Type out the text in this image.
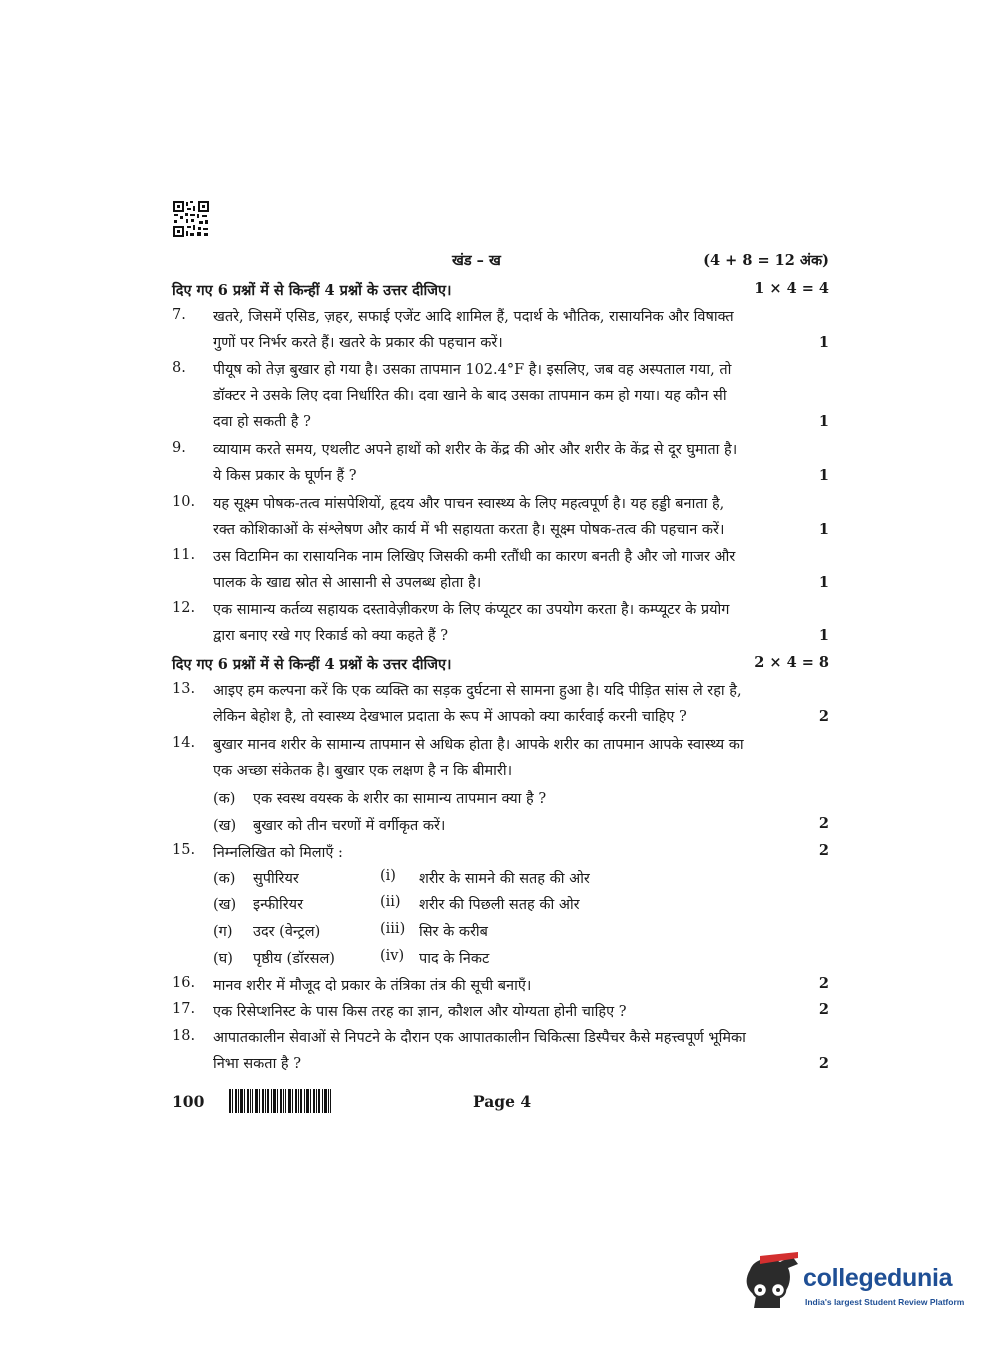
खंड – ख	(4 + 8 = 12 अंक)
दिए गए 6 प्रश्नों में से किन्हीं 4 प्रश्नों के उत्तर दीजिए।	1 × 4 = 4
7.	खतरे, जिसमें एसिड, ज़हर, सफाई एजेंट आदि शामिल हैं, पदार्थ के भौतिक, रासायनिक और विषाक्त
गुणों पर निर्भर करते हैं। खतरे के प्रकार की पहचान करें।	1
8.	पीयूष को तेज़ बुखार हो गया है। उसका तापमान 102.4°F है। इसलिए, जब वह अस्पताल गया, तो
डॉक्टर ने उसके लिए दवा निर्धारित की। दवा खाने के बाद उसका तापमान कम हो गया। यह कौन सी
दवा हो सकती है ?	1
9.	व्यायाम करते समय, एथलीट अपने हाथों को शरीर के केंद्र की ओर और शरीर के केंद्र से दूर घुमाता है।
ये किस प्रकार के घूर्णन हैं ?	1
10.	यह सूक्ष्म पोषक-तत्व मांसपेशियों, हृदय और पाचन स्वास्थ्य के लिए महत्वपूर्ण है। यह हड्डी बनाता है,
रक्त कोशिकाओं के संश्लेषण और कार्य में भी सहायता करता है। सूक्ष्म पोषक-तत्व की पहचान करें।	1
11.	उस विटामिन का रासायनिक नाम लिखिए जिसकी कमी रतौंधी का कारण बनती है और जो गाजर और
पालक के खाद्य स्रोत से आसानी से उपलब्ध होता है।	1
12.	एक सामान्य कर्तव्य सहायक दस्तावेज़ीकरण के लिए कंप्यूटर का उपयोग करता है। कम्प्यूटर के प्रयोग
द्वारा बनाए रखे गए रिकार्ड को क्या कहते हैं ?	1
दिए गए 6 प्रश्नों में से किन्हीं 4 प्रश्नों के उत्तर दीजिए।	2 × 4 = 8
13.	आइए हम कल्पना करें कि एक व्यक्ति का सड़क दुर्घटना से सामना हुआ है। यदि पीड़ित सांस ले रहा है,
लेकिन बेहोश है, तो स्वास्थ्य देखभाल प्रदाता के रूप में आपको क्या कार्रवाई करनी चाहिए ?	2
14.	बुखार मानव शरीर के सामान्य तापमान से अधिक होता है। आपके शरीर का तापमान आपके स्वास्थ्य का
एक अच्छा संकेतक है। बुखार एक लक्षण है न कि बीमारी।
2
(क) एक स्वस्थ वयस्क के शरीर का सामान्य तापमान क्या है ?
(ख) बुखार को तीन चरणों में वर्गीकृत करें।
15.	निम्नलिखित को मिलाएँ :	2
(क) सुपीरियर	(i) शरीर के सामने की सतह की ओर
(ख) इन्फीरियर	(ii) शरीर की पिछली सतह की ओर
(ग) उदर (वेन्ट्रल)	(iii) सिर के करीब
(घ) पृष्ठीय (डॉरसल)	(iv) पाद के निकट
16.	मानव शरीर में मौजूद दो प्रकार के तंत्रिका तंत्र की सूची बनाएँ।	2
17.	एक रिसेप्शनिस्ट के पास किस तरह का ज्ञान, कौशल और योग्यता होनी चाहिए ?	2
18.	आपातकालीन सेवाओं से निपटने के दौरान एक आपातकालीन चिकित्सा डिस्पैचर कैसे महत्त्वपूर्ण भूमिका
निभा सकता है ?	2
100	Page 4
collegedunia
India's largest Student Review Platform
